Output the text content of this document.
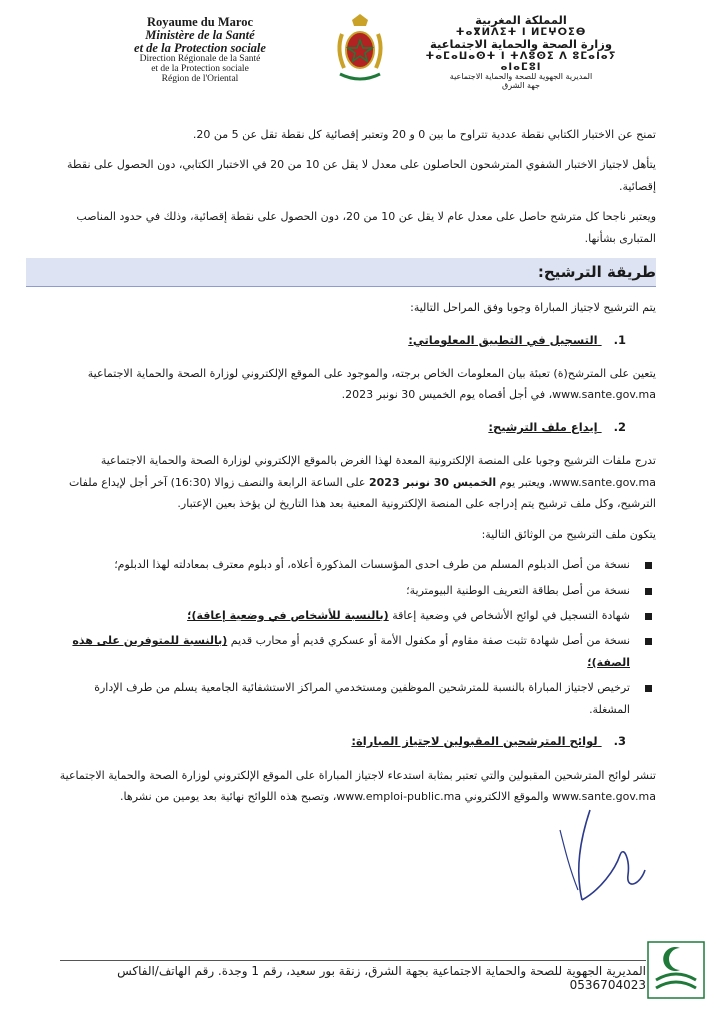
Royaume du Maroc
Ministère de la Santé
et de la Protection sociale
Direction Régionale de la Santé
et de la Protection sociale
Région de l'Oriental
المملكة المغربية
ⵜⴰⴳⵍⴷⵉⵜ ⵏ ⵍⵎⵖⵔⵉⴱ
وزارة الصحة والحماية الاجتماعية
ⵜⴰⵎⴰⵡⴰⵙⵜ ⵏ ⵜⴷⵓⵙⵉ ⴷ ⵓⵎⴰⵏⴰⵢ ⴰⵏⴰⵎⵓⵏ
المديرية الجهوية للصحة والحماية الاجتماعية
جهة الشرق

تمنح عن الاختبار الكتابي نقطة عددية تتراوح ما بين 0 و 20 وتعتبر إقصائية كل نقطة تقل عن 5 من 20.

يتأهل لاجتياز الاختبار الشفوي المترشحون الحاصلون على معدل لا يقل عن 10 من 20 في الاختبار الكتابي، دون الحصول على نقطة إقصائية.

ويعتبر ناجحا كل مترشح حاصل على معدل عام لا يقل عن 10 من 20، دون الحصول على نقطة إقصائية، وذلك في حدود المناصب المتبارى بشأنها.

طريقة الترشيح:

يتم الترشيح لاجتياز المباراة وجوبا وفق المراحل التالية:

1. التسجيل في التطبيق المعلوماتي:

يتعين على المترشح(ة) تعبئة بيان المعلومات الخاص برجته، والموجود على الموقع الإلكتروني لوزارة الصحة والحماية الاجتماعية www.sante.gov.ma، في أجل أقصاه يوم الخميس 30 نونبر 2023.

2. إيداع ملف الترشيح:

تدرج ملفات الترشيح وجوبا على المنصة الإلكترونية المعدة لهذا الغرض بالموقع الإلكتروني لوزارة الصحة والحماية الاجتماعية www.sante.gov.ma، ويعتبر يوم الخميس 30 نونبر 2023 على الساعة الرابعة والنصف زوالا (16:30) آخر أجل لإيداع ملفات الترشيح، وكل ملف ترشيح يتم إدراجه على المنصة الإلكترونية المعنية بعد هذا التاريخ لن يؤخذ بعين الإعتبار.

يتكون ملف الترشيح من الوثائق التالية:

نسخة من أصل الدبلوم المسلم من طرف احدى المؤسسات المذكورة أعلاه، أو دبلوم معترف بمعادلته لهذا الدبلوم؛
نسخة من أصل بطاقة التعريف الوطنية البيومترية؛
شهادة التسجيل في لوائح الأشخاص في وضعية إعاقة (بالنسبة للأشخاص في وضعية إعاقة)؛
نسخة من أصل شهادة تثبت صفة مقاوم أو مكفول الأمة أو عسكري قديم أو محارب قديم (بالنسبة للمتوفرين على هذه الصفة)؛
ترخيص لاجتياز المباراة بالنسبة للمترشحين الموظفين ومستخدمي المراكز الاستشفائية الجامعية يسلم من طرف الإدارة المشغلة.
3. لوائح المترشحين المقبولين لاجتياز المباراة:

تنشر لوائح المترشحين المقبولين والتي تعتبر بمثابة استدعاء لاجتياز المباراة على الموقع الإلكتروني لوزارة الصحة والحماية الاجتماعية www.sante.gov.ma والموقع الالكتروني www.emploi-public.ma، وتصبح هذه اللوائح نهائية بعد يومين من نشرها.

المديرية الجهوية للصحة والحماية الاجتماعية بجهة الشرق، زنقة بور سعيد، رقم 1 وجدة. رقم الهاتف/الفاكس 0536704023
